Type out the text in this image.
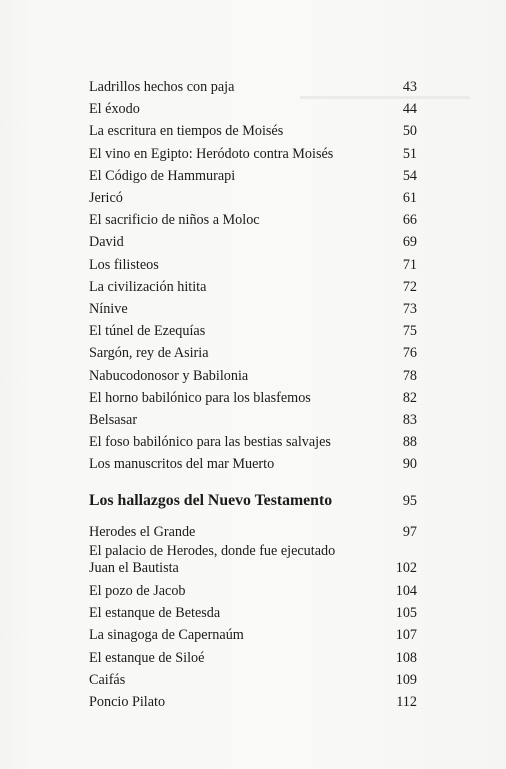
Ladrillos hechos con paja	43
El éxodo	44
La escritura en tiempos de Moisés	50
El vino en Egipto: Heródoto contra Moisés	51
El Código de Hammurapi	54
Jericó	61
El sacrificio de niños a Moloc	66
David	69
Los filisteos	71
La civilización hitita	72
Nínive	73
El túnel de Ezequías	75
Sargón, rey de Asiria	76
Nabucodonosor y Babilonia	78
El horno babilónico para los blasfemos	82
Belsasar	83
El foso babilónico para las bestias salvajes	88
Los manuscritos del mar Muerto	90
Los hallazgos del Nuevo Testamento	95
Herodes el Grande	97
El palacio de Herodes, donde fue ejecutado
Juan el Bautista	102
El pozo de Jacob	104
El estanque de Betesda	105
La sinagoga de Capernaúm	107
El estanque de Siloé	108
Caifás	109
Poncio Pilato	112
